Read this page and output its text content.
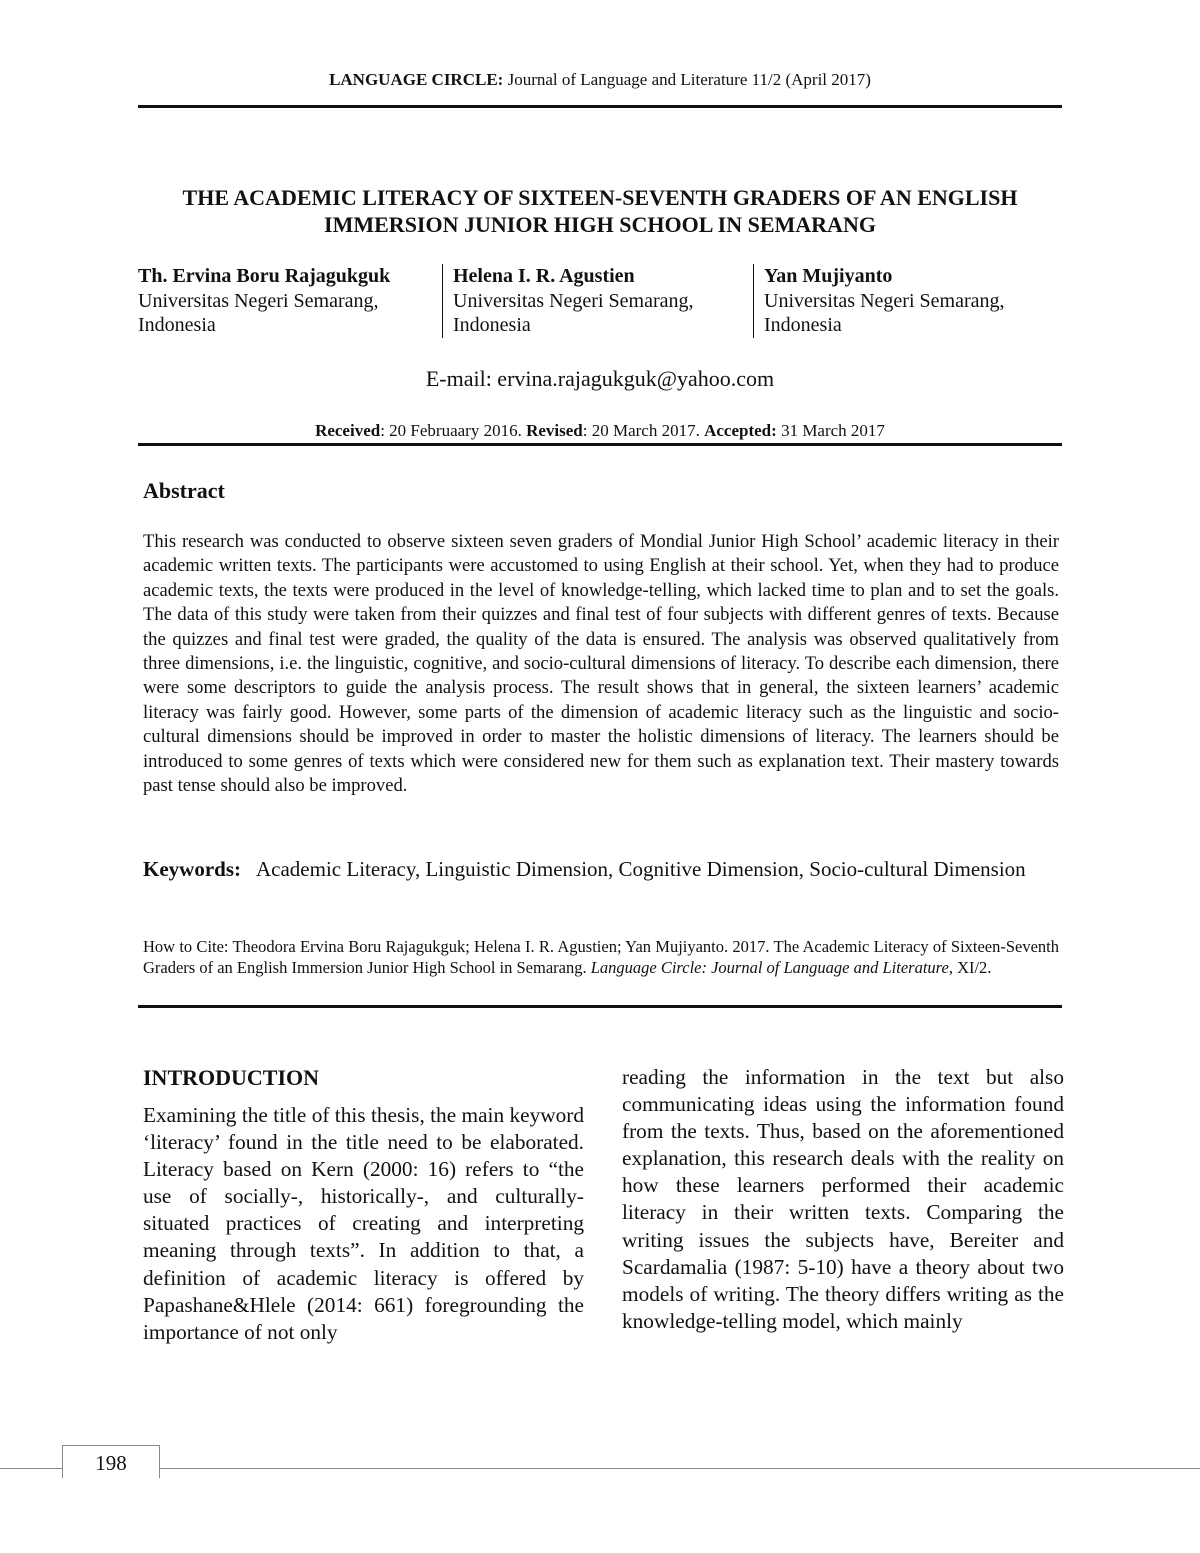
LANGUAGE CIRCLE: Journal of Language and Literature 11/2 (April 2017)
THE ACADEMIC LITERACY OF SIXTEEN-SEVENTH GRADERS OF AN ENGLISH
IMMERSION JUNIOR HIGH SCHOOL IN SEMARANG
Th. Ervina Boru Rajagukguk
Universitas Negeri Semarang,
Indonesia
Helena I. R. Agustien
Universitas Negeri Semarang,
Indonesia
Yan Mujiyanto
Universitas Negeri Semarang,
Indonesia
E-mail: ervina.rajagukguk@yahoo.com
Received: 20 Februaary 2016. Revised: 20 March 2017. Accepted: 31 March 2017
Abstract
This research was conducted to observe sixteen seven graders of Mondial Junior High School’ academic literacy in their academic written texts. The participants were accustomed to using English at their school. Yet, when they had to produce academic texts, the texts were produced in the level of knowledge-telling, which lacked time to plan and to set the goals. The data of this study were taken from their quizzes and final test of four subjects with different genres of texts. Because the quizzes and final test were graded, the quality of the data is ensured. The analysis was observed qualitatively from three dimensions, i.e. the linguistic, cognitive, and socio-cultural dimensions of literacy. To describe each dimension, there were some descriptors to guide the analysis process. The result shows that in general, the sixteen learners’ academic literacy was fairly good. However, some parts of the dimension of academic literacy such as the linguistic and socio-cultural dimensions should be improved in order to master the holistic dimensions of literacy. The learners should be introduced to some genres of texts which were considered new for them such as explanation text. Their mastery towards past tense should also be improved.
Keywords: Academic Literacy, Linguistic Dimension, Cognitive Dimension, Socio-cultural Dimension
How to Cite: Theodora Ervina Boru Rajagukguk; Helena I. R. Agustien; Yan Mujiyanto. 2017. The Academic Literacy of Sixteen-Seventh Graders of an English Immersion Junior High School in Semarang. Language Circle: Journal of Language and Literature, XI/2.
INTRODUCTION
Examining the title of this thesis, the main keyword ‘literacy’ found in the title need to be elaborated. Literacy based on Kern (2000: 16) refers to “the use of socially-, historically-, and culturally-situated practices of creating and interpreting meaning through texts”. In addition to that, a definition of academic literacy is offered by Papashane&Hlele (2014: 661) foregrounding the importance of not only
reading the information in the text but also communicating ideas using the information found from the texts. Thus, based on the aforementioned explanation, this research deals with the reality on how these learners performed their academic literacy in their written texts. Comparing the writing issues the subjects have, Bereiter and Scardamalia (1987: 5-10) have a theory about two models of writing. The theory differs writing as the knowledge-telling model, which mainly
198
